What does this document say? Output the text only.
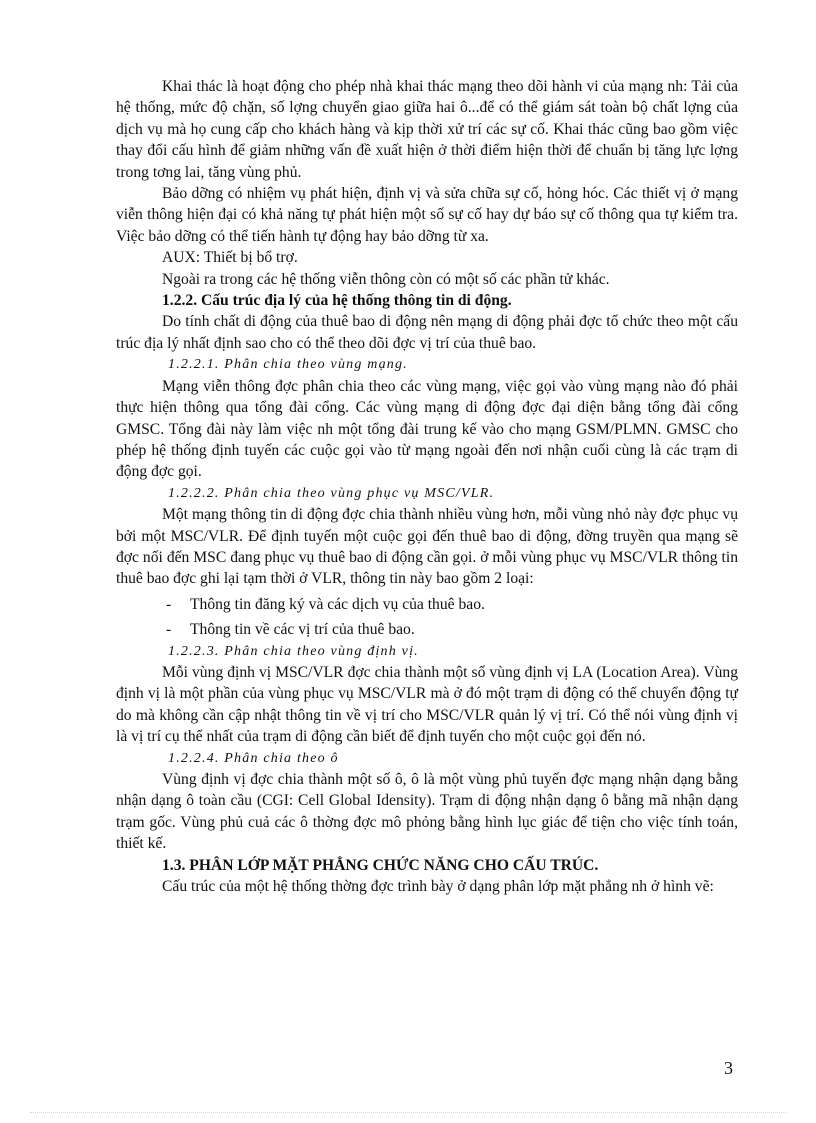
Khai thác là hoạt động cho phép nhà khai thác mạng theo dõi hành vi của mạng nh: Tải của hệ thống, mức độ chặn, số lợng chuyển giao giữa hai ô...để có thể giám sát toàn bộ chất lợng của dịch vụ mà họ cung cấp cho khách hàng và kịp thời xử trí các sự cố. Khai thác cũng bao gồm việc thay đổi cấu hình để giảm những vấn đề xuất hiện ở thời điểm hiện thời để chuẩn bị tăng lực lợng trong tơng lai, tăng vùng phủ.

Bảo dỡng có nhiệm vụ phát hiện, định vị và sửa chữa sự cố, hỏng hóc. Các thiết vị ở mạng viễn thông hiện đại có khả năng tự phát hiện một số sự cố hay dự báo sự cố thông qua tự kiểm tra. Việc bảo dỡng có thể tiến hành tự động hay bảo dỡng từ xa.

AUX: Thiết bị bổ trợ.

Ngoài ra trong các hệ thống viễn thông còn có một số các phần tử khác.

1.2.2. Cấu trúc địa lý của hệ thống thông tin di động.

Do tính chất di động của thuê bao di động nên mạng di động phải đợc tổ chức theo một cấu trúc địa lý nhất định sao cho có thể theo dõi đợc vị trí của thuê bao.

1.2.2.1. Phân chia theo vùng mạng.

Mạng viễn thông đợc phân chia theo các vùng mạng, việc gọi vào vùng mạng nào đó phải thực hiện thông qua tổng đài cổng. Các vùng mạng di động đợc đại diện bằng tổng đài cổng GMSC. Tổng đài này làm việc nh một tổng đài trung kế vào cho mạng GSM/PLMN. GMSC cho phép hệ thống định tuyến các cuộc gọi vào từ mạng ngoài đến nơi nhận cuối cùng là các trạm di động đợc gọi.

1.2.2.2. Phân chia theo vùng phục vụ MSC/VLR.

Một mạng thông tin di động đợc chia thành nhiều vùng hơn, mỗi vùng nhỏ này đợc phục vụ bởi một MSC/VLR. Để định tuyến một cuộc gọi đến thuê bao di động, đờng truyền qua mạng sẽ đợc nối đến MSC đang phục vụ thuê bao di động cần gọi. ở mỗi vùng phục vụ MSC/VLR thông tin thuê bao đợc ghi lại tạm thời ở VLR, thông tin này bao gồm 2 loại:

- Thông tin đăng ký và các dịch vụ của thuê bao.

- Thông tin về các vị trí của thuê bao.

1.2.2.3. Phân chia theo vùng định vị.

Mỗi vùng định vị MSC/VLR đợc chia thành một số vùng định vị LA (Location Area). Vùng định vị là một phần của vùng phục vụ MSC/VLR mà ở đó một trạm di động có thể chuyển động tự do mà không cần cập nhật thông tin về vị trí cho MSC/VLR quản lý vị trí. Có thể nói vùng định vị là vị trí cụ thể nhất của trạm di động cần biết để định tuyến cho một cuộc gọi đến nó.

1.2.2.4. Phân chia theo ô

Vùng định vị đợc chia thành một số ô, ô là một vùng phủ tuyến đợc mạng nhận dạng bằng nhận dạng ô toàn cầu (CGI: Cell Global Idensity). Trạm di động nhận dạng ô bằng mã nhận dạng trạm gốc. Vùng phủ cuả các ô thờng đợc mô phỏng bằng hình lục giác để tiện cho việc tính toán, thiết kế.

1.3. PHÂN LỚP MẶT PHẲNG CHỨC NĂNG CHO CẤU TRÚC.

Cấu trúc của một hệ thống thờng đợc trình bày ở dạng phân lớp mặt phẳng nh ở hình vẽ:

3
